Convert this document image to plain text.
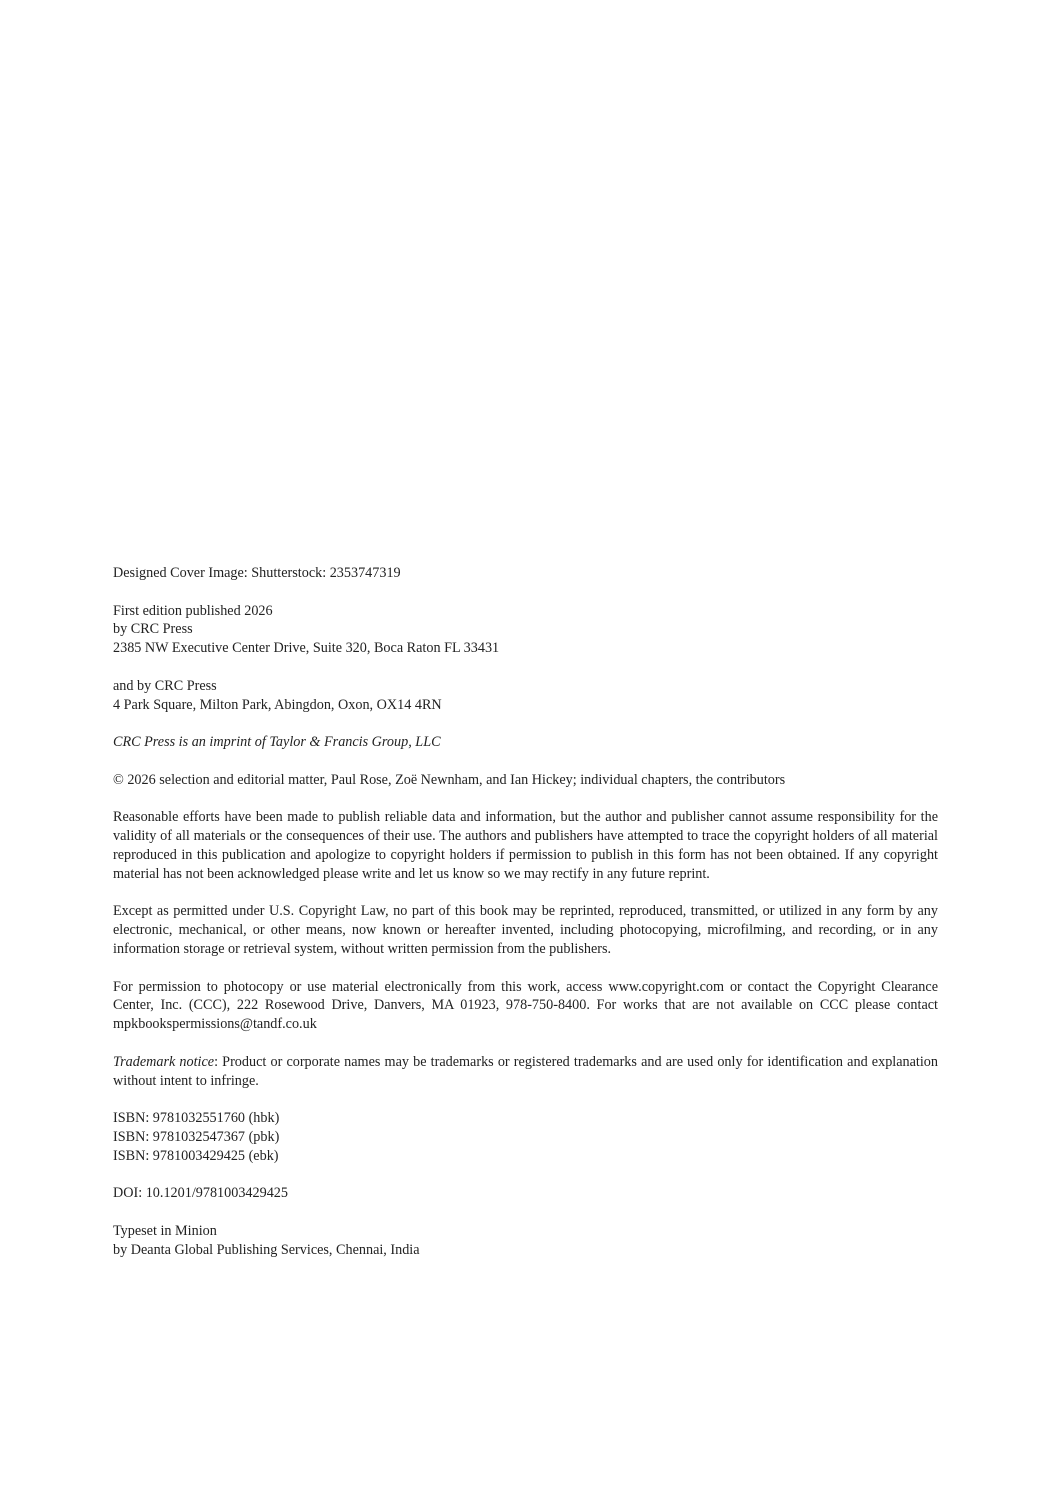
Designed Cover Image: Shutterstock: 2353747319

First edition published 2026
by CRC Press
2385 NW Executive Center Drive, Suite 320, Boca Raton FL 33431

and by CRC Press
4 Park Square, Milton Park, Abingdon, Oxon, OX14 4RN

CRC Press is an imprint of Taylor & Francis Group, LLC

© 2026 selection and editorial matter, Paul Rose, Zoë Newnham, and Ian Hickey; individual chapters, the contributors

Reasonable efforts have been made to publish reliable data and information, but the author and publisher cannot assume responsibility for the validity of all materials or the consequences of their use. The authors and publishers have attempted to trace the copyright holders of all material reproduced in this publication and apologize to copyright holders if permission to publish in this form has not been obtained. If any copyright material has not been acknowledged please write and let us know so we may rectify in any future reprint.

Except as permitted under U.S. Copyright Law, no part of this book may be reprinted, reproduced, transmitted, or utilized in any form by any electronic, mechanical, or other means, now known or hereafter invented, including photocopying, microfilming, and recording, or in any information storage or retrieval system, without written permission from the publishers.

For permission to photocopy or use material electronically from this work, access www.copyright.com or contact the Copyright Clearance Center, Inc. (CCC), 222 Rosewood Drive, Danvers, MA 01923, 978-750-8400. For works that are not available on CCC please contact mpkbookspermissions@tandf.co.uk

Trademark notice: Product or corporate names may be trademarks or registered trademarks and are used only for identification and explanation without intent to infringe.

ISBN: 9781032551760 (hbk)
ISBN: 9781032547367 (pbk)
ISBN: 9781003429425 (ebk)

DOI: 10.1201/9781003429425

Typeset in Minion
by Deanta Global Publishing Services, Chennai, India
